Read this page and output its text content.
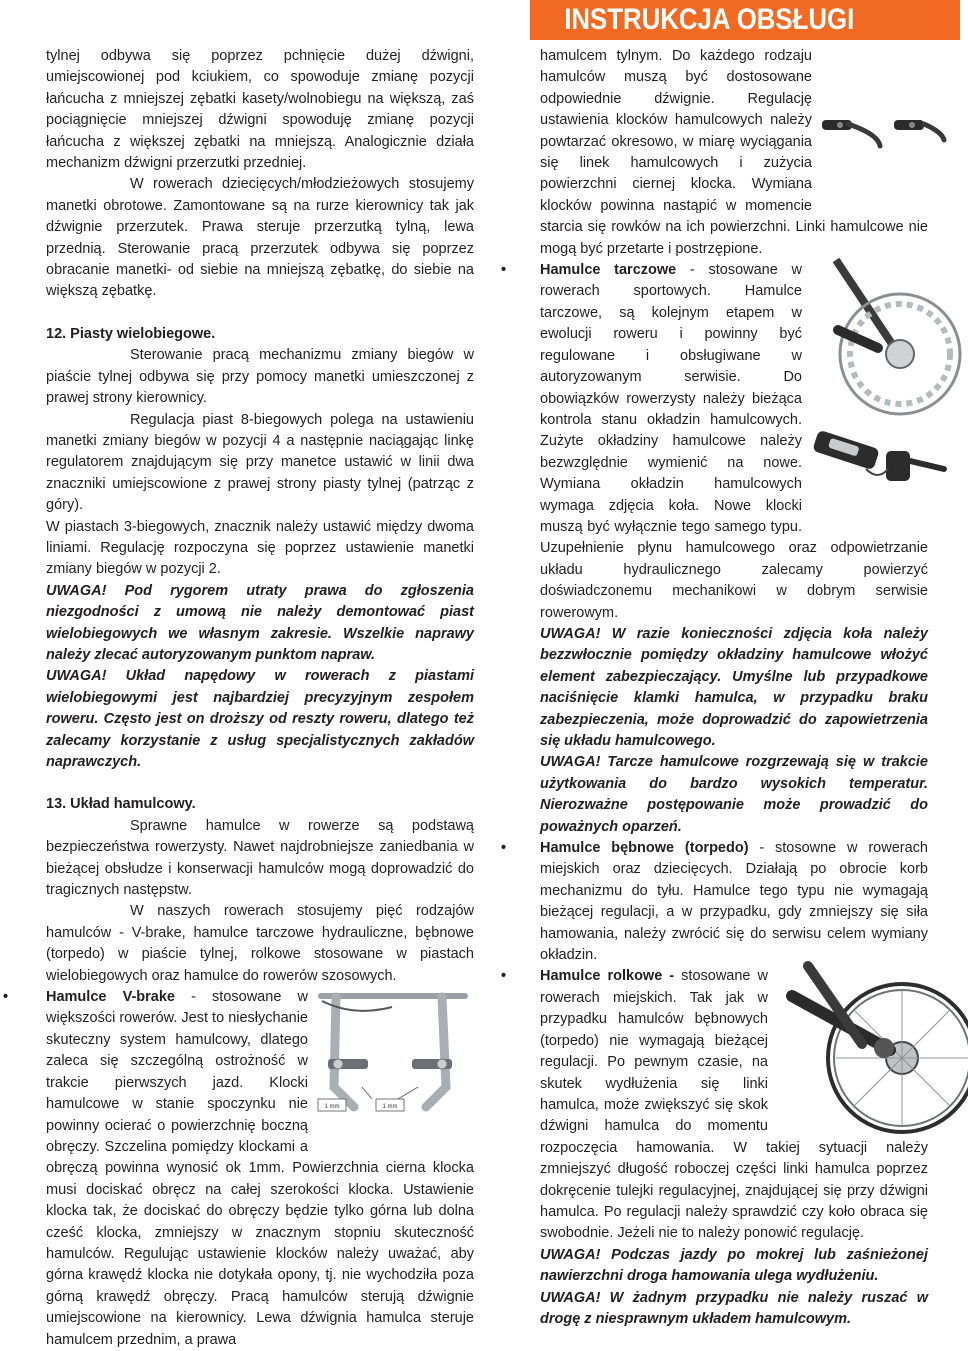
INSTRUKCJA OBSŁUGI

tylnej odbywa się poprzez pchnięcie dużej dźwigni, umiejscowionej pod kciukiem, co spowoduje zmianę pozycji łańcucha z mniejszej zębatki kasety/wolnobiegu na większą, zaś pociągnięcie mniejszej dźwigni spowoduję zmianę pozycji łańcucha z większej zębatki na mniejszą. Analogicznie działa mechanizm dźwigni przerzutki przedniej.

W rowerach dziecięcych/młodzieżowych stosujemy manetki obrotowe. Zamontowane są na rurze kierownicy tak jak dźwignie przerzutek. Prawa steruje przerzutką tylną, lewa przednią. Sterowanie pracą przerzutek odbywa się poprzez obracanie manetki- od siebie na mniejszą zębatkę, do siebie na większą zębatkę.

12. Piasty wielobiegowe.

Sterowanie pracą mechanizmu zmiany biegów w piaście tylnej odbywa się przy pomocy manetki umieszczonej z prawej strony kierownicy.

Regulacja piast 8-biegowych polega na ustawieniu manetki zmiany biegów w pozycji 4 a następnie naciągając linkę regulatorem znajdującym się przy manetce ustawić w linii dwa znaczniki umiejscowione z prawej strony piasty tylnej (patrząc z góry).

W piastach 3-biegowych, znacznik należy ustawić między dwoma liniami. Regulację rozpoczyna się poprzez ustawienie manetki zmiany biegów w pozycji 2.

UWAGA! Pod rygorem utraty prawa do zgłoszenia niezgodności z umową nie należy demontować piast wielobiegowych we własnym zakresie. Wszelkie naprawy należy zlecać autoryzowanym punktom napraw.

UWAGA! Układ napędowy w rowerach z piastami wielobiegowymi jest najbardziej precyzyjnym zespołem roweru. Często jest on droższy od reszty roweru, dlatego też zalecamy korzystanie z usług specjalistycznych zakładów naprawczych.

13. Układ hamulcowy.

Sprawne hamulce w rowerze są podstawą bezpieczeństwa rowerzysty. Nawet najdrobniejsze zaniedbania w bieżącej obsłudze i konserwacji hamulców mogą doprowadzić do tragicznych następstw.

W naszych rowerach stosujemy pięć rodzajów hamulców - V-brake, hamulce tarczowe hydrauliczne, bębnowe (torpedo) w piaście tylnej, rolkowe stosowane w piastach wielobiegowych oraz hamulce do rowerów szosowych.

•
1 mm	1 mm

Hamulce V-brake - stosowane w większości rowerów. Jest to niesłychanie skuteczny system hamulcowy, dlatego zaleca się szczególną ostrożność w trakcie pierwszych jazd. Klocki hamulcowe w stanie spoczynku nie powinny ocierać o powierzchnię boczną obręczy. Szczelina pomiędzy klockami a obręczą powinna wynosić ok 1mm. Powierzchnia cierna klocka musi dociskać obręcz na całej szerokości klocka. Ustawienie klocka tak, że dociskać do obręczy będzie tylko górna lub dolna cześć klocka, zmniejszy w znacznym stopniu skuteczność hamulców. Regulując ustawienie klocków należy uważać, aby górna krawędź klocka nie dotykała opony, tj. nie wychodziła poza górną krawędź obręczy. Pracą hamulców sterują dźwignie umiejscowione na kierownicy. Lewa dźwignia hamulca steruje hamulcem przednim, a prawa

hamulcem tylnym. Do każdego rodzaju hamulców muszą być dostosowane odpowiednie dźwignie. Regulację ustawienia klocków hamulcowych należy powtarzać okresowo, w miarę wyciągania się linek hamulcowych i zużycia powierzchni ciernej klocka. Wymiana klocków powinna nastąpić w momencie starcia się rowków na ich powierzchni. Linki hamulcowe nie mogą być przetarte i postrzępione.

• Hamulce tarczowe - stosowane w rowerach sportowych. Hamulce tarczowe, są kolejnym etapem w ewolucji roweru i powinny być regulowane i obsługiwane w autoryzowanym serwisie. Do obowiązków rowerzysty należy bieżąca kontrola stanu okładzin hamulcowych. Zużyte okładziny hamulcowe należy bezwzględnie wymienić na nowe. Wymiana okładzin hamulcowych wymaga zdjęcia koła. Nowe klocki muszą być wyłącznie tego samego typu. Uzupełnienie płynu hamulcowego oraz odpowietrzanie układu hydraulicznego zalecamy powierzyć doświadczonemu mechanikowi w dobrym serwisie rowerowym.

UWAGA! W razie konieczności zdjęcia koła należy bezzwłocznie pomiędzy okładziny hamulcowe włożyć element zabezpieczający. Umyślne lub przypadkowe naciśnięcie klamki hamulca, w przypadku braku zabezpieczenia, może doprowadzić do zapowietrzenia się układu hamulcowego.

UWAGA! Tarcze hamulcowe rozgrzewają się w trakcie użytkowania do bardzo wysokich temperatur. Nierozważne postępowanie może prowadzić do poważnych oparzeń.

• Hamulce bębnowe (torpedo) - stosowne w rowerach miejskich oraz dziecięcych. Działają po obrocie korb mechanizmu do tyłu. Hamulce tego typu nie wymagają bieżącej regulacji, a w przypadku, gdy zmniejszy się siła hamowania, należy zwrócić się do serwisu celem wymiany okładzin.

• Hamulce rolkowe - stosowane w rowerach miejskich. Tak jak w przypadku hamulców bębnowych (torpedo) nie wymagają bieżącej regulacji. Po pewnym czasie, na skutek wydłużenia się linki hamulca, może zwiększyć się skok dźwigni hamulca do momentu rozpoczęcia hamowania. W takiej sytuacji należy zmniejszyć długość roboczej części linki hamulca poprzez dokręcenie tulejki regulacyjnej, znajdującej się przy dźwigni hamulca. Po regulacji należy sprawdzić czy koło obraca się swobodnie. Jeżeli nie to należy ponowić regulację.

UWAGA! Podczas jazdy po mokrej lub zaśnieżonej nawierzchni droga hamowania ulega wydłużeniu.

UWAGA! W żadnym przypadku nie należy ruszać w drogę z niesprawnym układem hamulcowym.
